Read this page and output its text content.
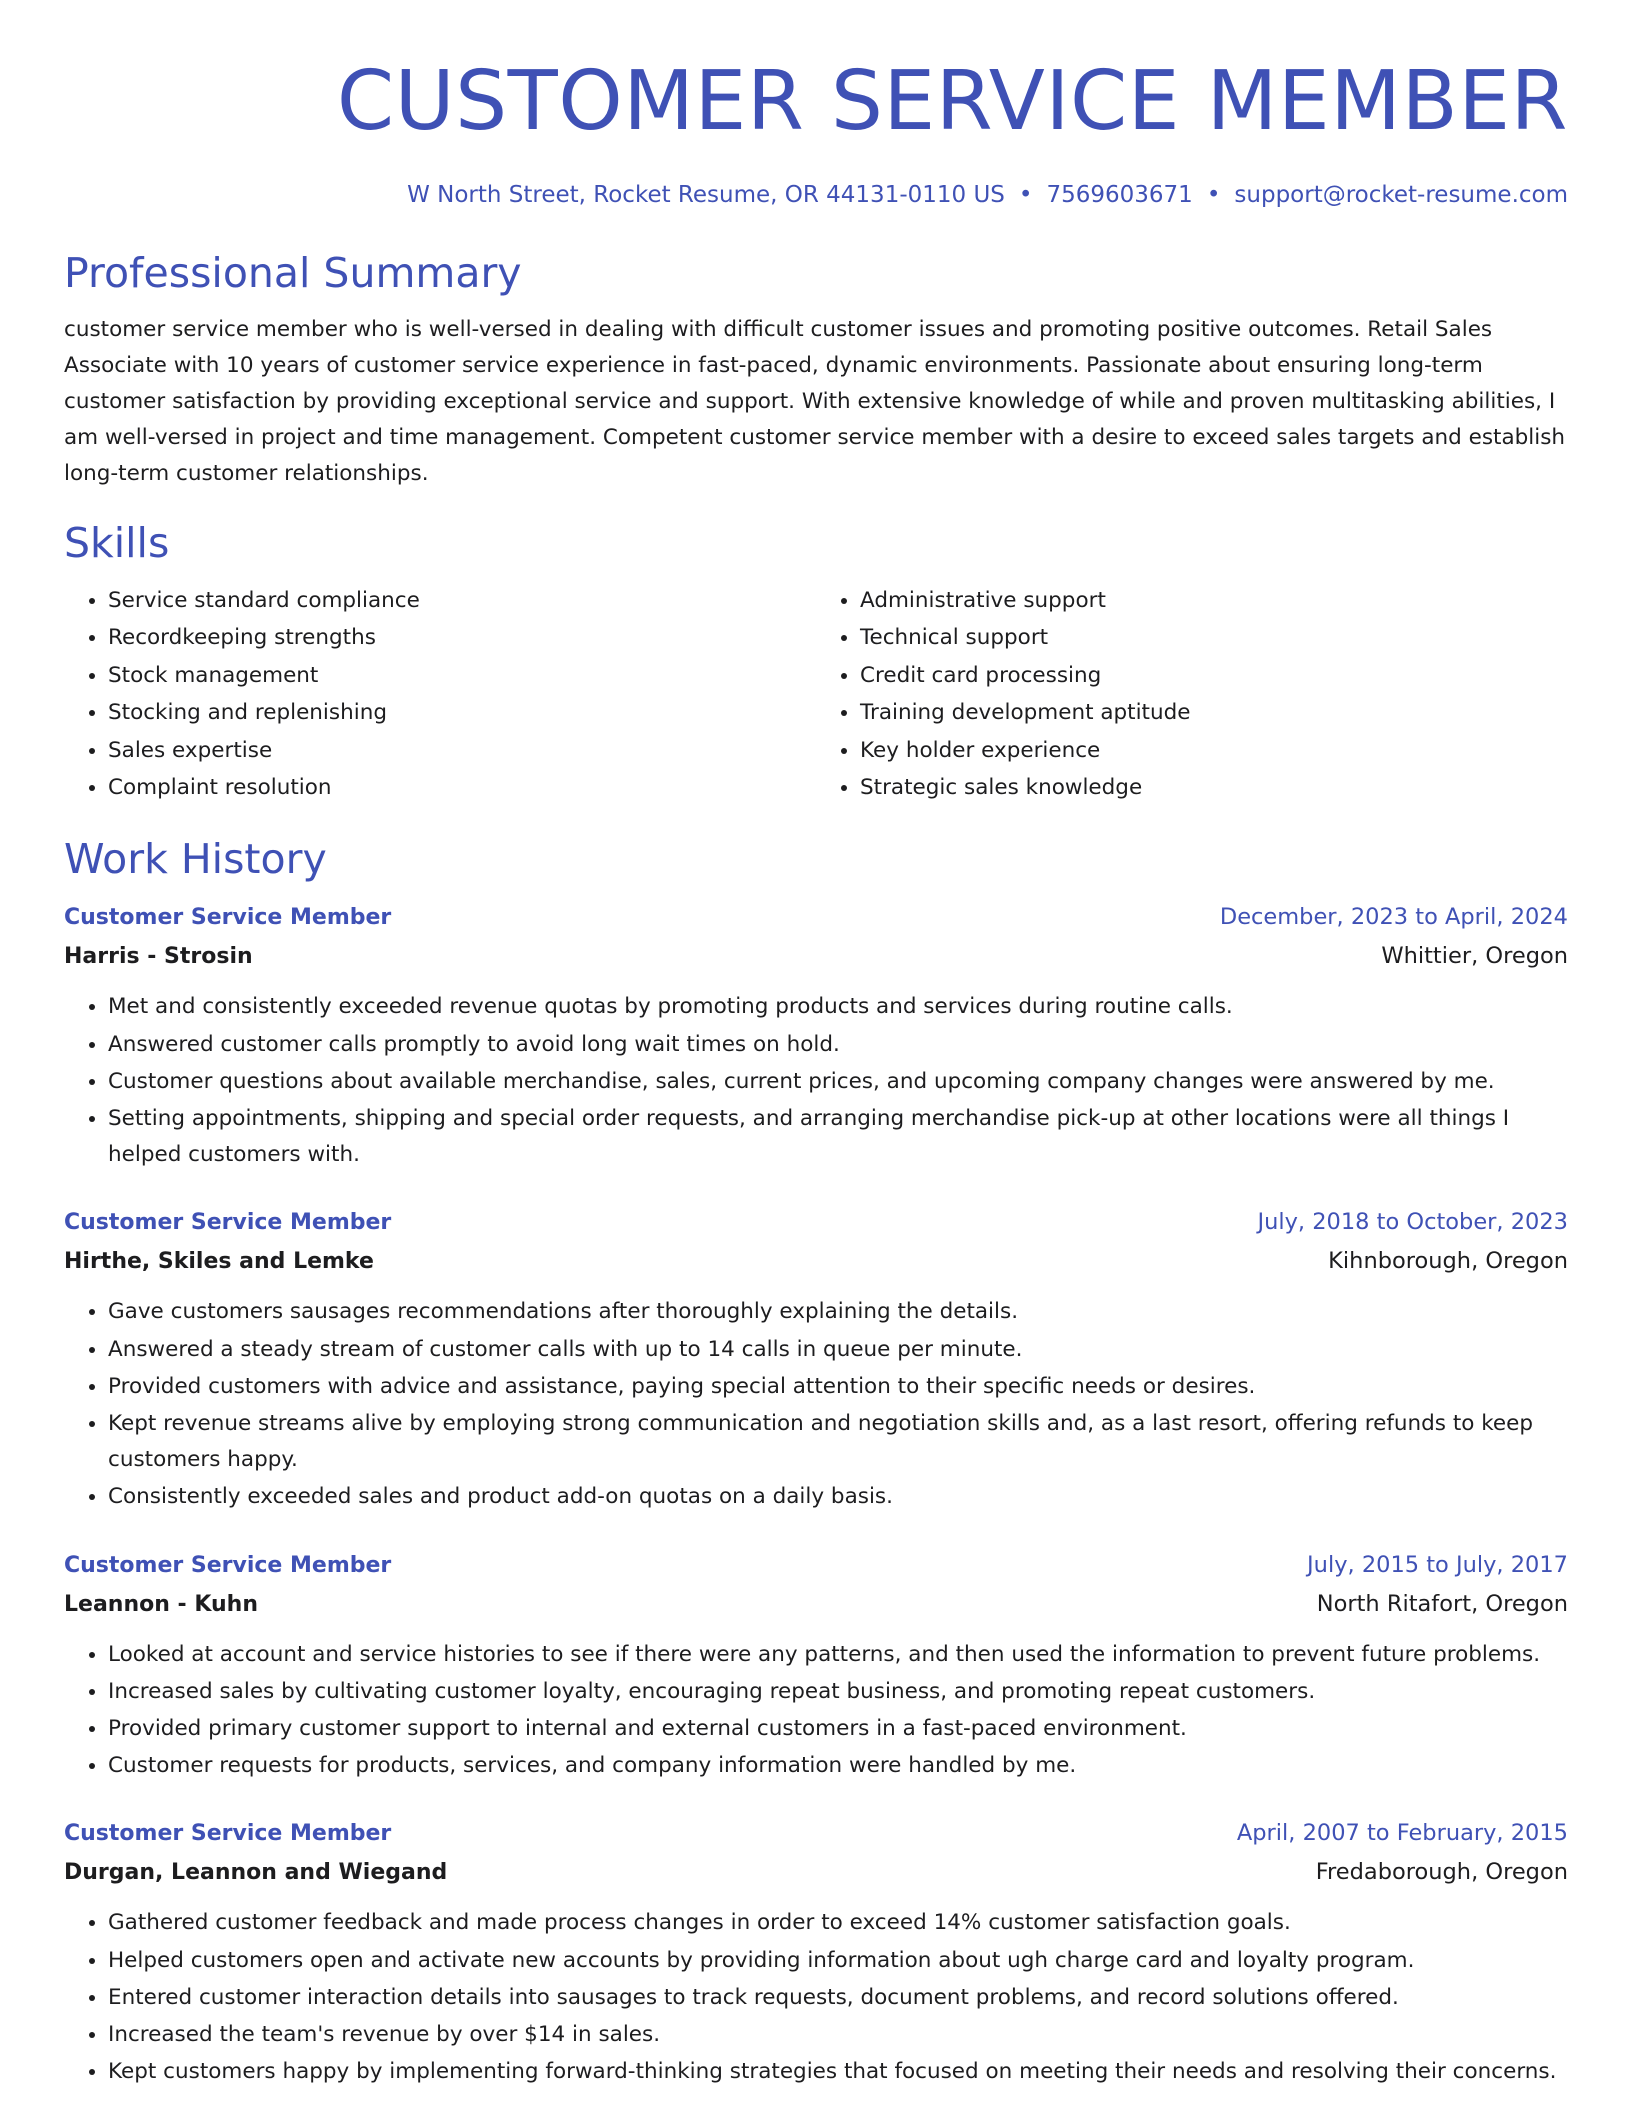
CUSTOMER SERVICE MEMBER
W North Street, Rocket Resume, OR 44131-0110 US • 7569603671 • support@rocket-resume.com
Professional Summary

customer service member who is well-versed in dealing with difficult customer issues and promoting positive outcomes. Retail Sales Associate with 10 years of customer service experience in fast-paced, dynamic environments. Passionate about ensuring long-term customer satisfaction by providing exceptional service and support. With extensive knowledge of while and proven multitasking abilities, I am well-versed in project and time management. Competent customer service member with a desire to exceed sales targets and establish long-term customer relationships.

Skills
• Service standard compliance
• Recordkeeping strengths
• Stock management
• Stocking and replenishing
• Sales expertise
• Complaint resolution
• Administrative support
• Technical support
• Credit card processing
• Training development aptitude
• Key holder experience
• Strategic sales knowledge
Work History
Customer Service Member	December, 2023 to April, 2024
Harris - Strosin	Whittier, Oregon
• Met and consistently exceeded revenue quotas by promoting products and services during routine calls.
• Answered customer calls promptly to avoid long wait times on hold.
• Customer questions about available merchandise, sales, current prices, and upcoming company changes were answered by me.
• Setting appointments, shipping and special order requests, and arranging merchandise pick-up at other locations were all things I helped customers with.
Customer Service Member	July, 2018 to October, 2023
Hirthe, Skiles and Lemke	Kihnborough, Oregon
• Gave customers sausages recommendations after thoroughly explaining the details.
• Answered a steady stream of customer calls with up to 14 calls in queue per minute.
• Provided customers with advice and assistance, paying special attention to their specific needs or desires.
• Kept revenue streams alive by employing strong communication and negotiation skills and, as a last resort, offering refunds to keep customers happy.
• Consistently exceeded sales and product add-on quotas on a daily basis.
Customer Service Member	July, 2015 to July, 2017
Leannon - Kuhn	North Ritafort, Oregon
• Looked at account and service histories to see if there were any patterns, and then used the information to prevent future problems.
• Increased sales by cultivating customer loyalty, encouraging repeat business, and promoting repeat customers.
• Provided primary customer support to internal and external customers in a fast-paced environment.
• Customer requests for products, services, and company information were handled by me.
Customer Service Member	April, 2007 to February, 2015
Durgan, Leannon and Wiegand	Fredaborough, Oregon
• Gathered customer feedback and made process changes in order to exceed 14% customer satisfaction goals.
• Helped customers open and activate new accounts by providing information about ugh charge card and loyalty program.
• Entered customer interaction details into sausages to track requests, document problems, and record solutions offered.
• Increased the team's revenue by over $14 in sales.
• Kept customers happy by implementing forward-thinking strategies that focused on meeting their needs and resolving their concerns.
